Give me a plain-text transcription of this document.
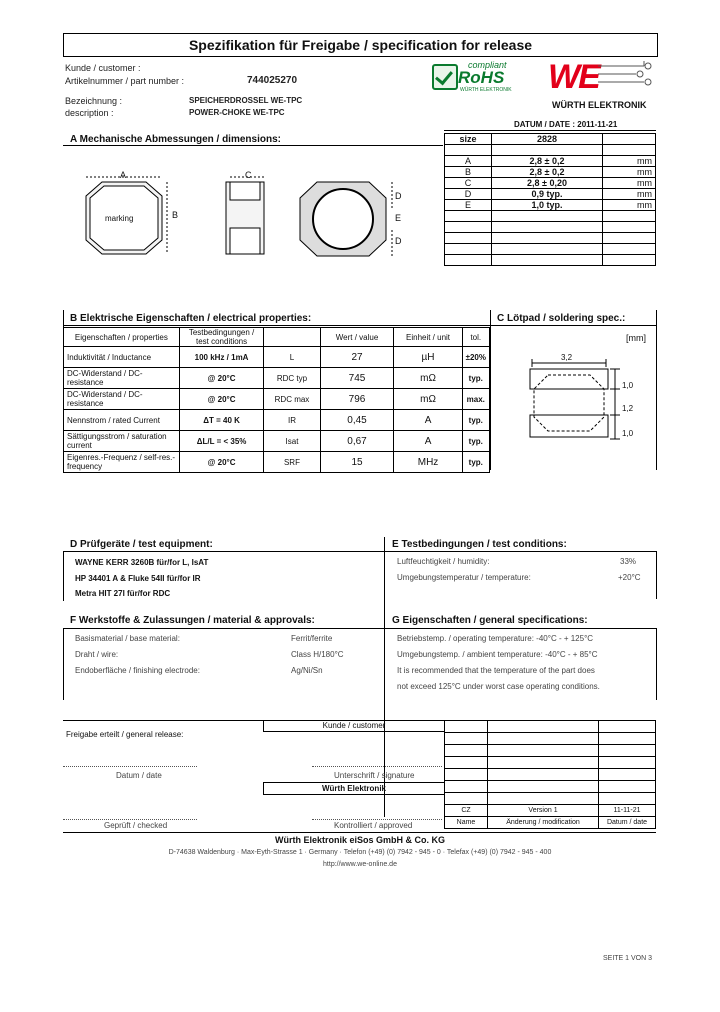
Spezifikation für Freigabe / specification for release
Kunde / customer :
Artikelnummer / part number :	744025270
Bezeichnung :	SPEICHERDROSSEL WE-TPC
description :	POWER-CHOKE WE-TPC
compliant
RoHS
WÜRTH ELEKTRONIK WE
WÜRTH ELEKTRONIK
DATUM / DATE : 2011-11-21
A Mechanische Abmessungen / dimensions:
marking
A
B
C
D
E
D
size	2828	

A	2,8 ± 0,2	mm
B	2,8 ± 0,2	mm
C	2,8 ± 0,20	mm
D	0,9 typ.	mm
E	1,0 typ.	mm

B Elektrische Eigenschaften / electrical properties:
Eigenschaften / properties	Testbedingungen / test conditions		Wert / value	Einheit / unit	tol.
Induktivität / Inductance	100 kHz / 1mA	L	27	µH	±20%
DC-Widerstand / DC-resistance	@ 20°C	RDC typ	745	mΩ	typ.
DC-Widerstand / DC-resistance	@ 20°C	RDC max	796	mΩ	max.
Nennstrom / rated Current	ΔT = 40 K	IR	0,45	A	typ.
Sättigungsstrom / saturation current	ΔL/L = < 35%	Isat	0,67	A	typ.
Eigenres.-Frequenz / self-res.-frequency	@ 20°C	SRF	15	MHz	typ.
C Lötpad / soldering spec.:
[mm]
3,2
1,0
1,2
1,0
D Prüfgeräte / test equipment:
WAYNE KERR 3260B für/for L, IsAT
HP 34401 A & Fluke 54II für/for IR
Metra HIT 27I für/for RDC
E Testbedingungen / test conditions:
Luftfeuchtigkeit / humidity:	33%
Umgebungstemperatur / temperature:	+20°C
F Werkstoffe & Zulassungen / material & approvals:	G Eigenschaften / general specifications:
Basismaterial / base material:	Ferrit/ferrite
Draht / wire:	Class H/180°C
Endoberfläche / finishing electrode:	Ag/Ni/Sn
Betriebstemp. / operating temperature: -40°C - + 125°C
Umgebungstemp. / ambient temperature: -40°C - + 85°C
It is recommended that the temperature of the part does
not exceed 125°C under worst case operating conditions.
Freigabe erteilt / general release:
Kunde / customer
Datum / date	Unterschrift / signature
Würth Elektronik
Geprüft / checked	Kontrolliert / approved

CZ	Version 1	11-11-21
Name	Änderung / modification	Datum / date
Würth Elektronik eiSos GmbH & Co. KG
D-74638 Waldenburg · Max-Eyth-Strasse 1 · Germany · Telefon (+49) (0) 7942 - 945 - 0 · Telefax (+49) (0) 7942 - 945 - 400
http://www.we-online.de
SEITE 1 VON 3
